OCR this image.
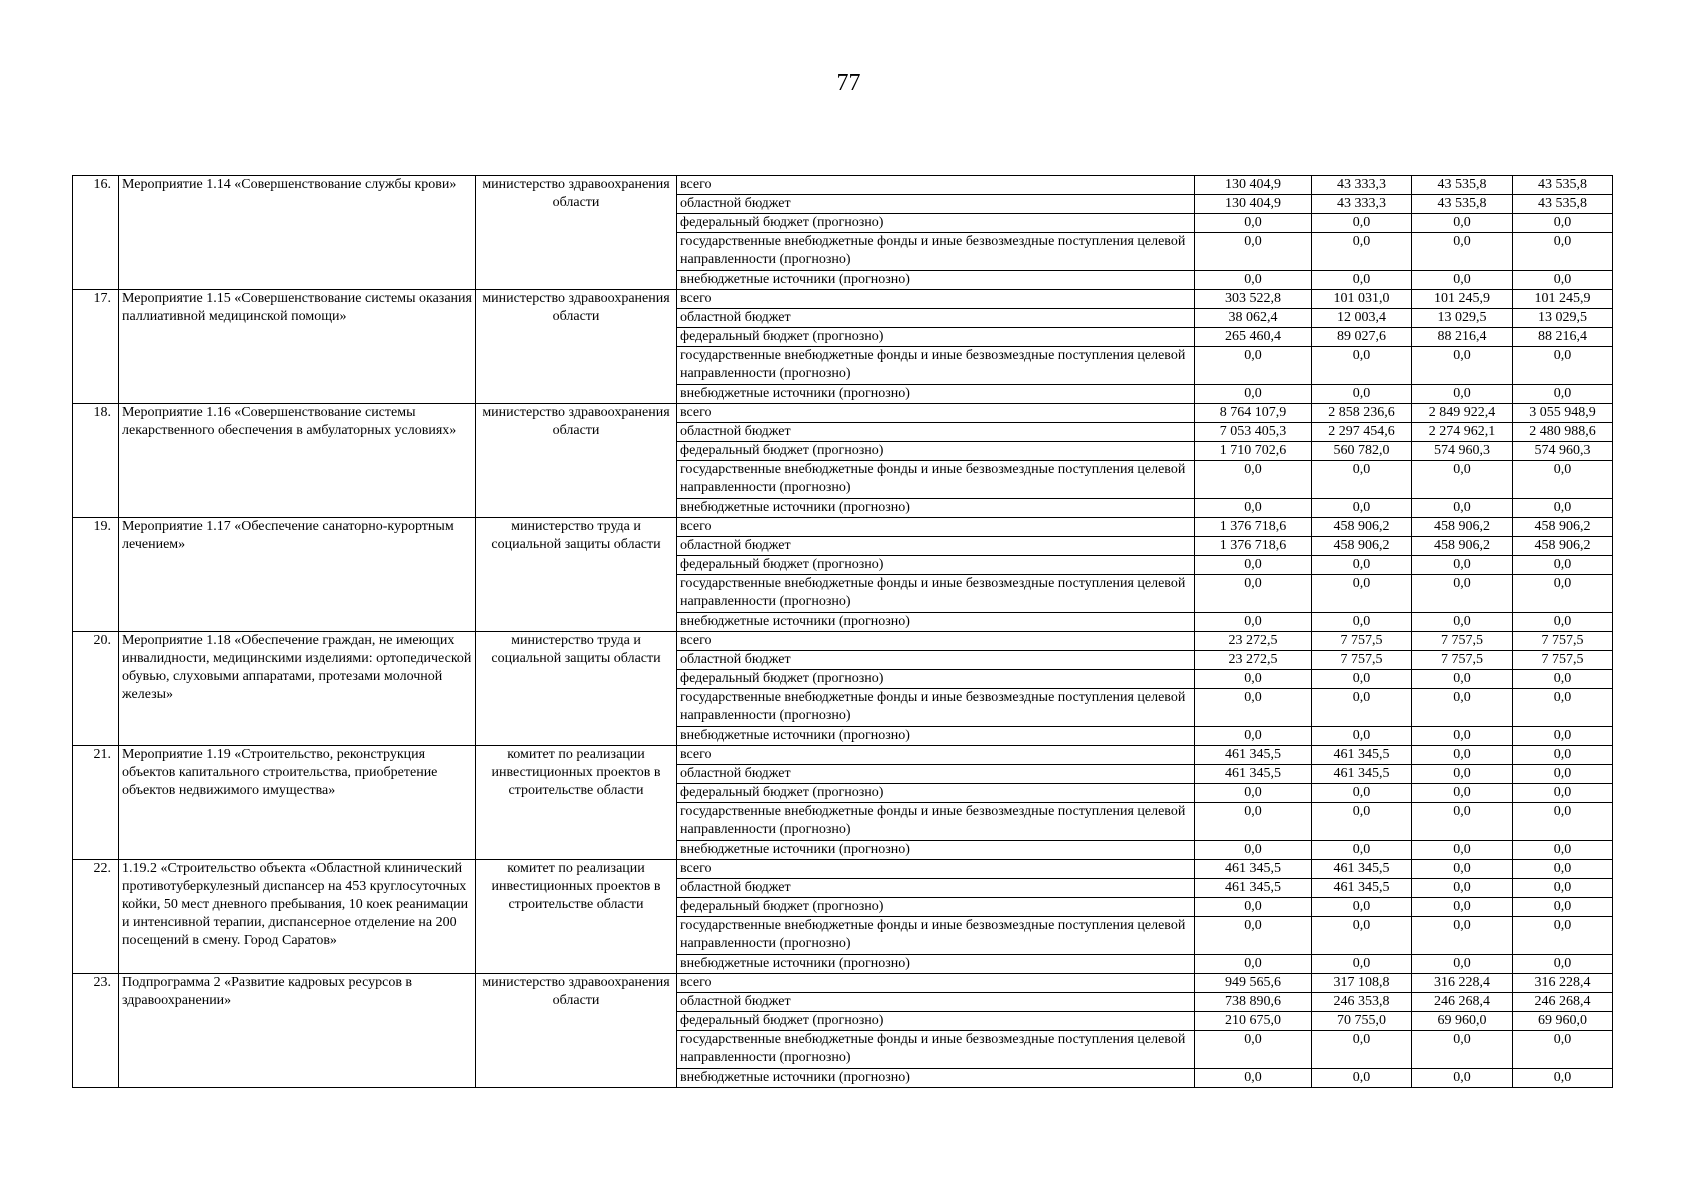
77
16.	Мероприятие 1.14 «Совершенствование службы крови»	министерство здравоохранения области	всего	130 404,9	43 333,3	43 535,8	43 535,8
			областной бюджет	130 404,9	43 333,3	43 535,8	43 535,8
			федеральный бюджет (прогнозно)	0,0	0,0	0,0	0,0
			государственные внебюджетные фонды и иные безвозмездные поступления целевой направленности (прогнозно)	0,0	0,0	0,0	0,0
			внебюджетные источники (прогнозно)	0,0	0,0	0,0	0,0
17.	Мероприятие 1.15 «Совершенствование системы оказания паллиативной медицинской помощи»	министерство здравоохранения области	всего	303 522,8	101 031,0	101 245,9	101 245,9
			областной бюджет	38 062,4	12 003,4	13 029,5	13 029,5
			федеральный бюджет (прогнозно)	265 460,4	89 027,6	88 216,4	88 216,4
			государственные внебюджетные фонды и иные безвозмездные поступления целевой направленности (прогнозно)	0,0	0,0	0,0	0,0
			внебюджетные источники (прогнозно)	0,0	0,0	0,0	0,0
18.	Мероприятие 1.16 «Совершенствование системы лекарственного обеспечения в амбулаторных условиях»	министерство здравоохранения области	всего	8 764 107,9	2 858 236,6	2 849 922,4	3 055 948,9
			областной бюджет	7 053 405,3	2 297 454,6	2 274 962,1	2 480 988,6
			федеральный бюджет (прогнозно)	1 710 702,6	560 782,0	574 960,3	574 960,3
			государственные внебюджетные фонды и иные безвозмездные поступления целевой направленности (прогнозно)	0,0	0,0	0,0	0,0
			внебюджетные источники (прогнозно)	0,0	0,0	0,0	0,0
19.	Мероприятие 1.17 «Обеспечение санаторно-курортным лечением»	министерство труда и социальной защиты области	всего	1 376 718,6	458 906,2	458 906,2	458 906,2
			областной бюджет	1 376 718,6	458 906,2	458 906,2	458 906,2
			федеральный бюджет (прогнозно)	0,0	0,0	0,0	0,0
			государственные внебюджетные фонды и иные безвозмездные поступления целевой направленности (прогнозно)	0,0	0,0	0,0	0,0
			внебюджетные источники (прогнозно)	0,0	0,0	0,0	0,0
20.	Мероприятие 1.18 «Обеспечение граждан, не имеющих инвалидности, медицинскими изделиями: ортопедической обувью, слуховыми аппаратами, протезами молочной железы»	министерство труда и социальной защиты области	всего	23 272,5	7 757,5	7 757,5	7 757,5
			областной бюджет	23 272,5	7 757,5	7 757,5	7 757,5
			федеральный бюджет (прогнозно)	0,0	0,0	0,0	0,0
			государственные внебюджетные фонды и иные безвозмездные поступления целевой направленности (прогнозно)	0,0	0,0	0,0	0,0
			внебюджетные источники (прогнозно)	0,0	0,0	0,0	0,0
21.	Мероприятие 1.19 «Строительство, реконструкция объектов капитального строительства, приобретение объектов недвижимого имущества»	комитет по реализации инвестиционных проектов в строительстве области	всего	461 345,5	461 345,5	0,0	0,0
			областной бюджет	461 345,5	461 345,5	0,0	0,0
			федеральный бюджет (прогнозно)	0,0	0,0	0,0	0,0
			государственные внебюджетные фонды и иные безвозмездные поступления целевой направленности (прогнозно)	0,0	0,0	0,0	0,0
			внебюджетные источники (прогнозно)	0,0	0,0	0,0	0,0
22.	1.19.2 «Строительство объекта «Областной клинический противотуберкулезный диспансер на 453 круглосуточных койки, 50 мест дневного пребывания, 10 коек реанимации и интенсивной терапии, диспансерное отделение на 200 посещений в смену. Город Саратов»	комитет по реализации инвестиционных проектов в строительстве области	всего	461 345,5	461 345,5	0,0	0,0
			областной бюджет	461 345,5	461 345,5	0,0	0,0
			федеральный бюджет (прогнозно)	0,0	0,0	0,0	0,0
			государственные внебюджетные фонды и иные безвозмездные поступления целевой направленности (прогнозно)	0,0	0,0	0,0	0,0
			внебюджетные источники (прогнозно)	0,0	0,0	0,0	0,0
23.	Подпрограмма 2 «Развитие кадровых ресурсов в здравоохранении»	министерство здравоохранения области	всего	949 565,6	317 108,8	316 228,4	316 228,4
			областной бюджет	738 890,6	246 353,8	246 268,4	246 268,4
			федеральный бюджет (прогнозно)	210 675,0	70 755,0	69 960,0	69 960,0
			государственные внебюджетные фонды и иные безвозмездные поступления целевой направленности (прогнозно)	0,0	0,0	0,0	0,0
			внебюджетные источники (прогнозно)	0,0	0,0	0,0	0,0
